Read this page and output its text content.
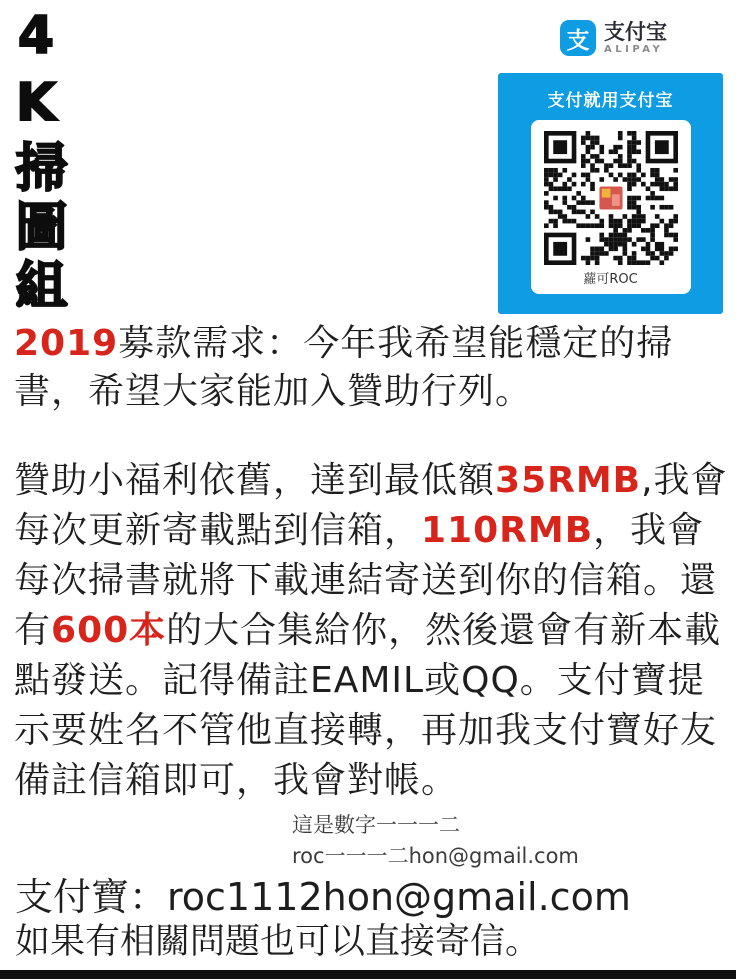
4K掃圖組	支 支付宝
ALIPAY
支付就用支付宝
蘿可ROC
2019募款需求：今年我希望能穩定的掃書，希望大家能加入贊助行列。
贊助小福利依舊，達到最低額35RMB,我會每次更新寄載點到信箱，110RMB，我會每次掃書就將下載連結寄送到你的信箱。還有600本的大合集給你，然後還會有新本載點發送。記得備註EAMIL或QQ。支付寶提示要姓名不管他直接轉，再加我支付寶好友備註信箱即可，我會對帳。
這是數字一一一二
roc一一一二hon@gmail.com
支付寶：roc1112hon@gmail.com
如果有相關問題也可以直接寄信。
